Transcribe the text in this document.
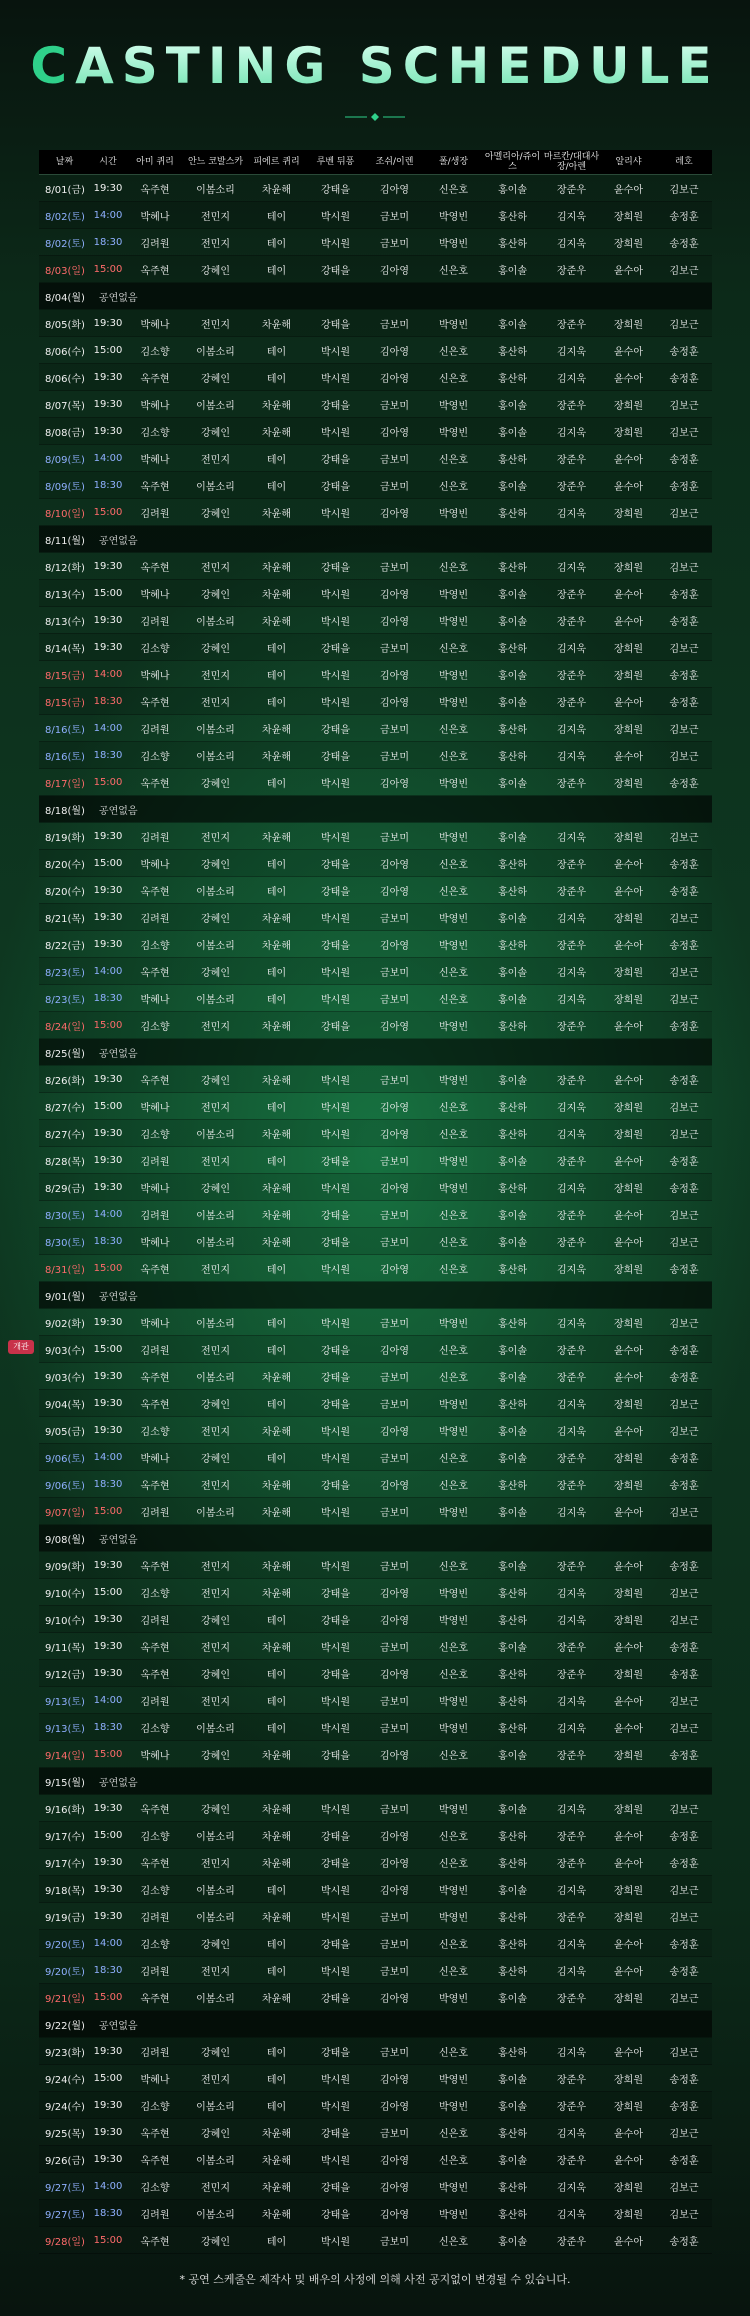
CASTING SCHEDULE
날짜	시간	아미 퀴리	안느 코발스카	피에르 퀴리	루벤 뒤퐁	조쉬/이렌	폴/생장	아멜리아/쥬이스	마르칸/대대사장/아렌	알리샤	레호
8/01(금)	19:30	옥주현	이봄소리	차윤해	강태을	김아영	신은호	홍이솔	장준우	윤수아	김보근
8/02(토)	14:00	박혜나	전민지	테이	박시원	금보미	박영빈	홍산하	김지욱	장희원	송정훈
8/02(토)	18:30	김려원	전민지	테이	박시원	금보미	박영빈	홍산하	김지욱	장희원	송정훈
8/03(일)	15:00	옥주현	강혜인	테이	강태을	김아영	신은호	홍이솔	장준우	윤수아	김보근
8/04(월) 공연없음											
8/05(화)	19:30	박혜나	전민지	차윤해	강태을	금보미	박영빈	홍이솔	장준우	장희원	김보근
8/06(수)	15:00	김소향	이봄소리	테이	박시원	김아영	신은호	홍산하	김지욱	윤수아	송정훈
8/06(수)	19:30	옥주현	강혜인	테이	박시원	김아영	신은호	홍산하	김지욱	윤수아	송정훈
8/07(목)	19:30	박혜나	이봄소리	차윤해	강태을	금보미	박영빈	홍이솔	장준우	장희원	김보근
8/08(금)	19:30	김소향	강혜인	차윤해	박시원	김아영	박영빈	홍이솔	김지욱	장희원	김보근
8/09(토)	14:00	박혜나	전민지	테이	강태을	금보미	신은호	홍산하	장준우	윤수아	송정훈
8/09(토)	18:30	옥주현	이봄소리	테이	강태을	금보미	신은호	홍이솔	장준우	윤수아	송정훈
8/10(일)	15:00	김려원	강혜인	차윤해	박시원	김아영	박영빈	홍산하	김지욱	장희원	김보근
8/11(월) 공연없음											
8/12(화)	19:30	옥주현	전민지	차윤해	강태을	금보미	신은호	홍산하	김지욱	장희원	김보근
8/13(수)	15:00	박혜나	강혜인	차윤해	박시원	김아영	박영빈	홍이솔	장준우	윤수아	송정훈
8/13(수)	19:30	김려원	이봄소리	차윤해	박시원	김아영	박영빈	홍이솔	장준우	윤수아	송정훈
8/14(목)	19:30	김소향	강혜인	테이	강태을	금보미	신은호	홍산하	김지욱	장희원	김보근
8/15(금)	14:00	박혜나	전민지	테이	박시원	김아영	박영빈	홍이솔	장준우	장희원	송정훈
8/15(금)	18:30	옥주현	전민지	테이	박시원	김아영	박영빈	홍이솔	장준우	윤수아	송정훈
8/16(토)	14:00	김려원	이봄소리	차윤해	강태을	금보미	신은호	홍산하	김지욱	장희원	김보근
8/16(토)	18:30	김소향	이봄소리	차윤해	강태을	금보미	신은호	홍산하	김지욱	윤수아	김보근
8/17(일)	15:00	옥주현	강혜인	테이	박시원	김아영	박영빈	홍이솔	장준우	장희원	송정훈
8/18(월) 공연없음											
8/19(화)	19:30	김려원	전민지	차윤해	박시원	금보미	박영빈	홍이솔	김지욱	장희원	김보근
8/20(수)	15:00	박혜나	강혜인	테이	강태을	김아영	신은호	홍산하	장준우	윤수아	송정훈
8/20(수)	19:30	옥주현	이봄소리	테이	강태을	김아영	신은호	홍산하	장준우	윤수아	송정훈
8/21(목)	19:30	김려원	강혜인	차윤해	박시원	금보미	박영빈	홍이솔	김지욱	장희원	김보근
8/22(금)	19:30	김소향	이봄소리	차윤해	강태을	김아영	박영빈	홍산하	장준우	윤수아	송정훈
8/23(토)	14:00	옥주현	강혜인	테이	박시원	금보미	신은호	홍이솔	김지욱	장희원	김보근
8/23(토)	18:30	박혜나	이봄소리	테이	박시원	금보미	신은호	홍이솔	김지욱	장희원	김보근
8/24(일)	15:00	김소향	전민지	차윤해	강태을	김아영	박영빈	홍산하	장준우	윤수아	송정훈
8/25(월) 공연없음											
8/26(화)	19:30	옥주현	강혜인	차윤해	박시원	금보미	박영빈	홍이솔	장준우	윤수아	송정훈
8/27(수)	15:00	박혜나	전민지	테이	박시원	김아영	신은호	홍산하	김지욱	장희원	김보근
8/27(수)	19:30	김소향	이봄소리	차윤해	박시원	김아영	신은호	홍산하	김지욱	장희원	김보근
8/28(목)	19:30	김려원	전민지	테이	강태을	금보미	박영빈	홍이솔	장준우	윤수아	송정훈
8/29(금)	19:30	박혜나	강혜인	차윤해	박시원	김아영	박영빈	홍산하	김지욱	장희원	송정훈
8/30(토)	14:00	김려원	이봄소리	차윤해	강태을	금보미	신은호	홍이솔	장준우	윤수아	김보근
8/30(토)	18:30	박혜나	이봄소리	차윤해	강태을	금보미	신은호	홍이솔	장준우	윤수아	김보근
8/31(일)	15:00	옥주현	전민지	테이	박시원	김아영	신은호	홍산하	김지욱	장희원	송정훈
9/01(월) 공연없음											
9/02(화)	19:30	박혜나	이봄소리	테이	박시원	금보미	박영빈	홍산하	김지욱	장희원	김보근
9/03(수)	15:00	김려원	전민지	테이	강태을	김아영	신은호	홍이솔	장준우	윤수아	송정훈
9/03(수)	19:30	옥주현	이봄소리	차윤해	강태을	금보미	신은호	홍이솔	장준우	윤수아	송정훈
9/04(목)	19:30	옥주현	강혜인	테이	강태을	금보미	박영빈	홍산하	김지욱	장희원	김보근
9/05(금)	19:30	김소향	전민지	차윤해	박시원	김아영	박영빈	홍이솔	김지욱	윤수아	김보근
9/06(토)	14:00	박혜나	강혜인	테이	박시원	금보미	신은호	홍이솔	장준우	장희원	송정훈
9/06(토)	18:30	옥주현	전민지	차윤해	강태을	김아영	신은호	홍산하	장준우	장희원	송정훈
9/07(일)	15:00	김려원	이봄소리	차윤해	박시원	금보미	박영빈	홍이솔	김지욱	윤수아	김보근
9/08(월) 공연없음											
9/09(화)	19:30	옥주현	전민지	차윤해	박시원	금보미	신은호	홍이솔	장준우	윤수아	송정훈
9/10(수)	15:00	김소향	전민지	차윤해	강태을	김아영	박영빈	홍산하	김지욱	장희원	김보근
9/10(수)	19:30	김려원	강혜인	테이	강태을	김아영	박영빈	홍산하	김지욱	장희원	김보근
9/11(목)	19:30	옥주현	전민지	차윤해	박시원	금보미	신은호	홍이솔	장준우	윤수아	송정훈
9/12(금)	19:30	옥주현	강혜인	테이	강태을	김아영	신은호	홍산하	장준우	장희원	송정훈
9/13(토)	14:00	김려원	전민지	테이	박시원	금보미	박영빈	홍산하	김지욱	윤수아	김보근
9/13(토)	18:30	김소향	이봄소리	테이	박시원	금보미	박영빈	홍산하	김지욱	윤수아	김보근
9/14(일)	15:00	박혜나	강혜인	차윤해	강태을	김아영	신은호	홍이솔	장준우	장희원	송정훈
9/15(월) 공연없음											
9/16(화)	19:30	옥주현	강혜인	차윤해	박시원	금보미	박영빈	홍이솔	김지욱	장희원	김보근
9/17(수)	15:00	김소향	이봄소리	차윤해	강태을	김아영	신은호	홍산하	장준우	윤수아	송정훈
9/17(수)	19:30	옥주현	전민지	차윤해	강태을	김아영	신은호	홍산하	장준우	윤수아	송정훈
9/18(목)	19:30	김소향	이봄소리	테이	박시원	김아영	박영빈	홍이솔	김지욱	장희원	김보근
9/19(금)	19:30	김려원	이봄소리	차윤해	박시원	금보미	박영빈	홍산하	장준우	장희원	김보근
9/20(토)	14:00	김소향	강혜인	테이	강태을	금보미	신은호	홍산하	김지욱	윤수아	송정훈
9/20(토)	18:30	김려원	전민지	테이	박시원	금보미	신은호	홍산하	김지욱	윤수아	송정훈
9/21(일)	15:00	옥주현	이봄소리	차윤해	강태을	김아영	박영빈	홍이솔	장준우	장희원	김보근
9/22(월) 공연없음											
9/23(화)	19:30	김려원	강혜인	테이	강태을	금보미	신은호	홍산하	김지욱	윤수아	김보근
9/24(수)	15:00	박혜나	전민지	테이	박시원	김아영	박영빈	홍이솔	장준우	장희원	송정훈
9/24(수)	19:30	김소향	이봄소리	테이	박시원	김아영	박영빈	홍이솔	장준우	장희원	송정훈
9/25(목)	19:30	옥주현	강혜인	차윤해	강태을	금보미	신은호	홍산하	김지욱	윤수아	김보근
9/26(금)	19:30	옥주현	이봄소리	차윤해	박시원	김아영	신은호	홍이솔	장준우	윤수아	송정훈
9/27(토)	14:00	김소향	전민지	차윤해	강태을	김아영	박영빈	홍산하	김지욱	장희원	김보근
9/27(토)	18:30	김려원	이봄소리	차윤해	강태을	김아영	박영빈	홍산하	김지욱	장희원	김보근
9/28(일)	15:00	옥주현	강혜인	테이	박시원	금보미	신은호	홍이솔	장준우	윤수아	송정훈
개관
* 공연 스케줄은 제작사 및 배우의 사정에 의해 사전 공지없이 변경될 수 있습니다.
